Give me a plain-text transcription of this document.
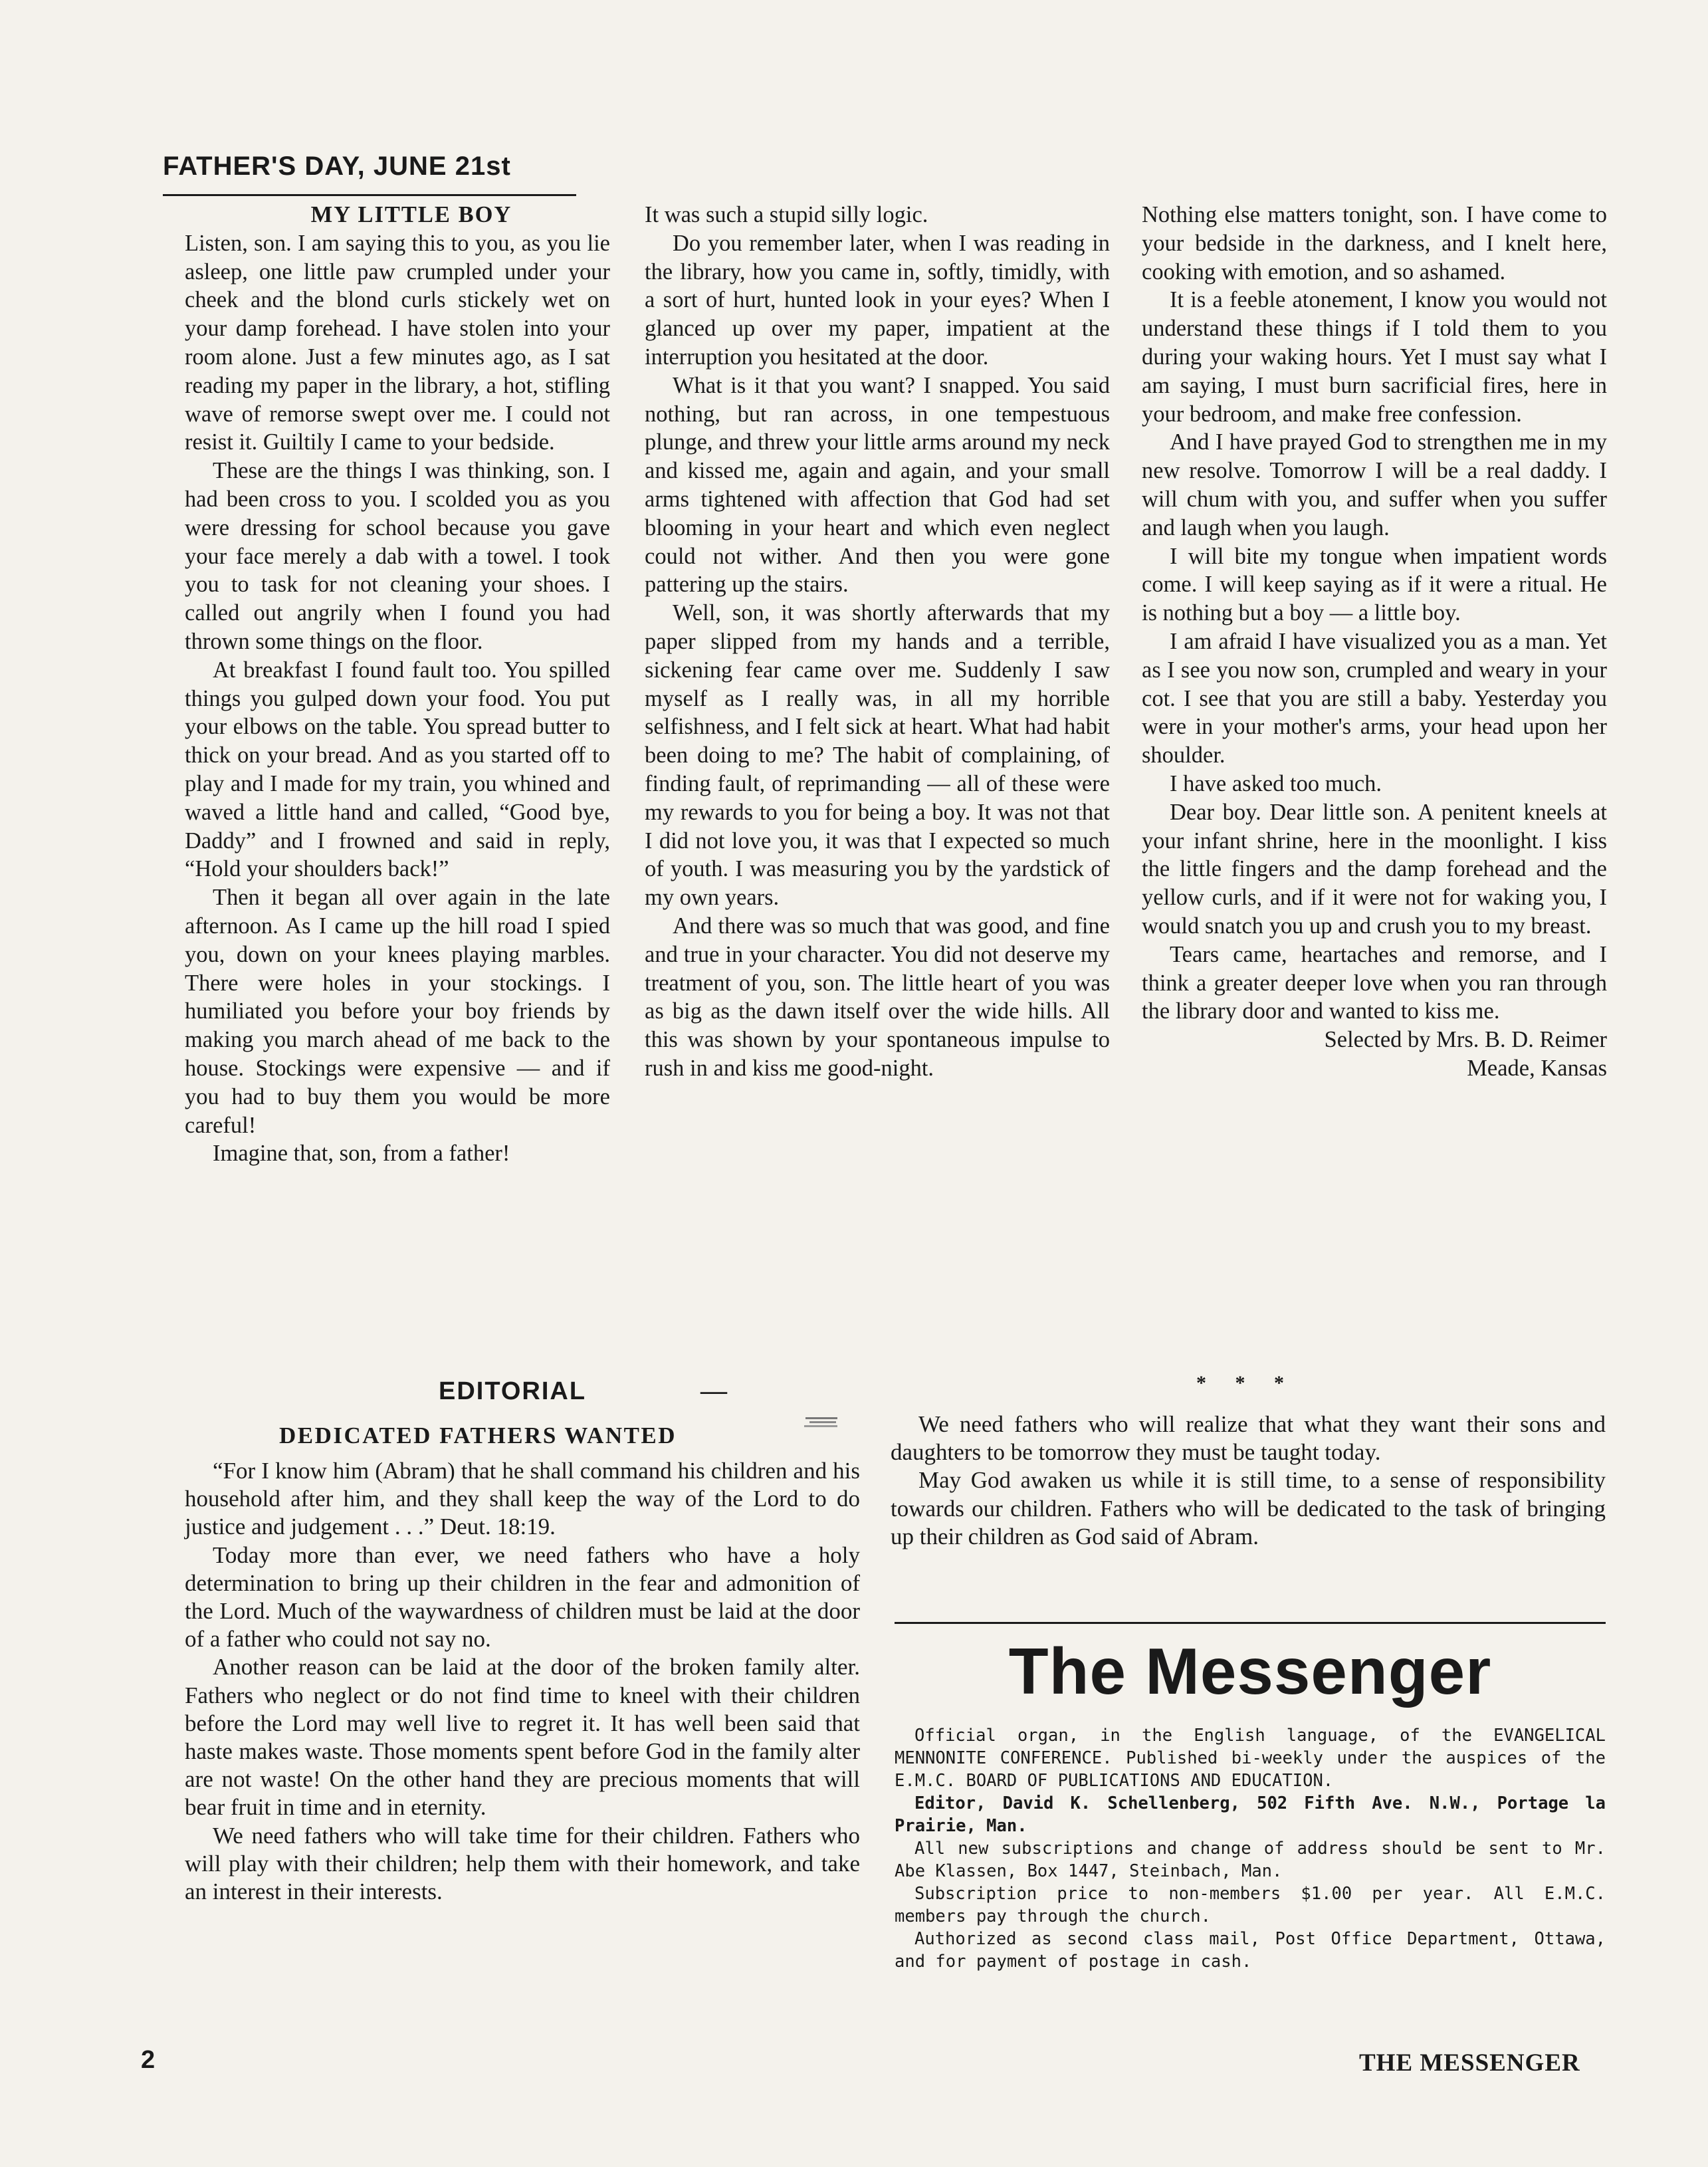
FATHER'S DAY, JUNE 21st

MY LITTLE BOY

Listen, son. I am saying this to you, as you lie asleep, one little paw crumpled under your cheek and the blond curls stickely wet on your damp forehead. I have stolen into your room alone. Just a few minutes ago, as I sat reading my paper in the library, a hot, stifling wave of remorse swept over me. I could not resist it. Guiltily I came to your bedside.

These are the things I was thinking, son. I had been cross to you. I scolded you as you were dressing for school because you gave your face merely a dab with a towel. I took you to task for not cleaning your shoes. I called out angrily when I found you had thrown some things on the floor.

At breakfast I found fault too. You spilled things you gulped down your food. You put your elbows on the table. You spread butter to thick on your bread. And as you started off to play and I made for my train, you whined and waved a little hand and called, “Good bye, Daddy” and I frowned and said in reply, “Hold your shoulders back!”

Then it began all over again in the late afternoon. As I came up the hill road I spied you, down on your knees playing marbles. There were holes in your stockings. I humiliated you before your boy friends by making you march ahead of me back to the house. Stockings were expensive — and if you had to buy them you would be more careful!

Imagine that, son, from a father!

It was such a stupid silly logic.

Do you remember later, when I was reading in the library, how you came in, softly, timidly, with a sort of hurt, hunted look in your eyes? When I glanced up over my paper, impatient at the interruption you hesitated at the door.

What is it that you want? I snapped. You said nothing, but ran across, in one tempestuous plunge, and threw your little arms around my neck and kissed me, again and again, and your small arms tightened with affection that God had set blooming in your heart and which even neglect could not wither. And then you were gone pattering up the stairs.

Well, son, it was shortly afterwards that my paper slipped from my hands and a terrible, sickening fear came over me. Suddenly I saw myself as I really was, in all my horrible selfishness, and I felt sick at heart. What had habit been doing to me? The habit of complaining, of finding fault, of reprimanding — all of these were my rewards to you for being a boy. It was not that I did not love you, it was that I expected so much of youth. I was measuring you by the yardstick of my own years.

And there was so much that was good, and fine and true in your character. You did not deserve my treatment of you, son. The little heart of you was as big as the dawn itself over the wide hills. All this was shown by your spontaneous impulse to rush in and kiss me good-night.

Nothing else matters tonight, son. I have come to your bedside in the darkness, and I knelt here, cooking with emotion, and so ashamed.

It is a feeble atonement, I know you would not understand these things if I told them to you during your waking hours. Yet I must say what I am saying, I must burn sacrificial fires, here in your bedroom, and make free confession.

And I have prayed God to strengthen me in my new resolve. Tomorrow I will be a real daddy. I will chum with you, and suffer when you suffer and laugh when you laugh.

I will bite my tongue when impatient words come. I will keep saying as if it were a ritual. He is nothing but a boy — a little boy.

I am afraid I have visualized you as a man. Yet as I see you now son, crumpled and weary in your cot. I see that you are still a baby. Yesterday you were in your mother's arms, your head upon her shoulder.

I have asked too much.

Dear boy. Dear little son. A penitent kneels at your infant shrine, here in the moonlight. I kiss the little fingers and the damp forehead and the yellow curls, and if it were not for waking you, I would snatch you up and crush you to my breast.

Tears came, heartaches and remorse, and I think a greater deeper love when you ran through the library door and wanted to kiss me.

Selected by Mrs. B. D. Reimer
Meade, Kansas
* * *
EDITORIAL	—
DEDICATED FATHERS WANTED

“For I know him (Abram) that he shall command his children and his household after him, and they shall keep the way of the Lord to do justice and judgement . . .” Deut. 18:19.

Today more than ever, we need fathers who have a holy determination to bring up their children in the fear and admonition of the Lord. Much of the waywardness of children must be laid at the door of a father who could not say no.

Another reason can be laid at the door of the broken family alter. Fathers who neglect or do not find time to kneel with their children before the Lord may well live to regret it. It has well been said that haste makes waste. Those moments spent before God in the family alter are not waste! On the other hand they are precious moments that will bear fruit in time and in eternity.

We need fathers who will take time for their children. Fathers who will play with their children; help them with their homework, and take an interest in their interests.

We need fathers who will realize that what they want their sons and daughters to be tomorrow they must be taught today.

May God awaken us while it is still time, to a sense of responsibility towards our children. Fathers who will be dedicated to the task of bringing up their children as God said of Abram.

The Messenger

Official organ, in the English language, of the EVANGELICAL MENNONITE CONFERENCE. Published bi-weekly under the auspices of the E.M.C. BOARD OF PUBLICATIONS AND EDUCATION.

Editor, David K. Schellenberg, 502 Fifth Ave. N.W., Portage la Prairie, Man.

All new subscriptions and change of address should be sent to Mr. Abe Klassen, Box 1447, Steinbach, Man.

Subscription price to non-members $1.00 per year. All E.M.C. members pay through the church.

Authorized as second class mail, Post Office Department, Ottawa, and for payment of postage in cash.

2	THE MESSENGER
